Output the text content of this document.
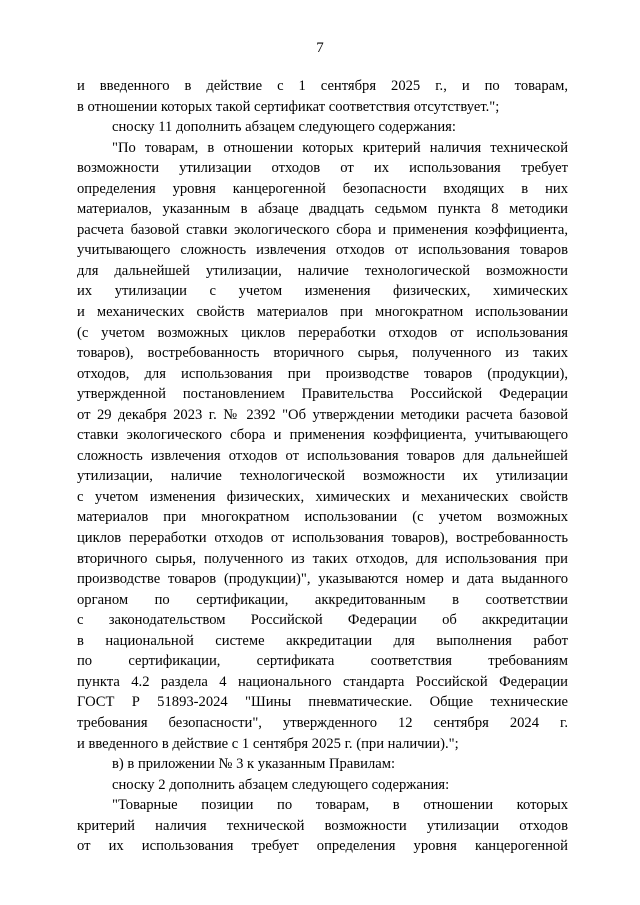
7
и введенного в действие с 1 сентября 2025 г., и по товарам,
в отношении которых такой сертификат соответствия отсутствует.";
сноску 11 дополнить абзацем следующего содержания:
"По товарам, в отношении которых критерий наличия технической
возможности утилизации отходов от их использования требует
определения уровня канцерогенной безопасности входящих в них
материалов, указанным в абзаце двадцать седьмом пункта 8 методики
расчета базовой ставки экологического сбора и применения коэффициента,
учитывающего сложность извлечения отходов от использования товаров
для дальнейшей утилизации, наличие технологической возможности
их утилизации с учетом изменения физических, химических
и механических свойств материалов при многократном использовании
(с учетом возможных циклов переработки отходов от использования
товаров), востребованность вторичного сырья, полученного из таких
отходов, для использования при производстве товаров (продукции),
утвержденной постановлением Правительства Российской Федерации
от 29 декабря 2023 г. № 2392 "Об утверждении методики расчета базовой
ставки экологического сбора и применения коэффициента, учитывающего
сложность извлечения отходов от использования товаров для дальнейшей
утилизации, наличие технологической возможности их утилизации
с учетом изменения физических, химических и механических свойств
материалов при многократном использовании (с учетом возможных
циклов переработки отходов от использования товаров), востребованность
вторичного сырья, полученного из таких отходов, для использования при
производстве товаров (продукции)", указываются номер и дата выданного
органом по сертификации, аккредитованным в соответствии
с законодательством Российской Федерации об аккредитации
в национальной системе аккредитации для выполнения работ
по сертификации, сертификата соответствия требованиям
пункта 4.2 раздела 4 национального стандарта Российской Федерации
ГОСТ Р 51893-2024 "Шины пневматические. Общие технические
требования безопасности", утвержденного 12 сентября 2024 г.
и введенного в действие с 1 сентября 2025 г. (при наличии).";
в) в приложении № 3 к указанным Правилам:
сноску 2 дополнить абзацем следующего содержания:
"Товарные позиции по товарам, в отношении которых
критерий наличия технической возможности утилизации отходов
от их использования требует определения уровня канцерогенной
